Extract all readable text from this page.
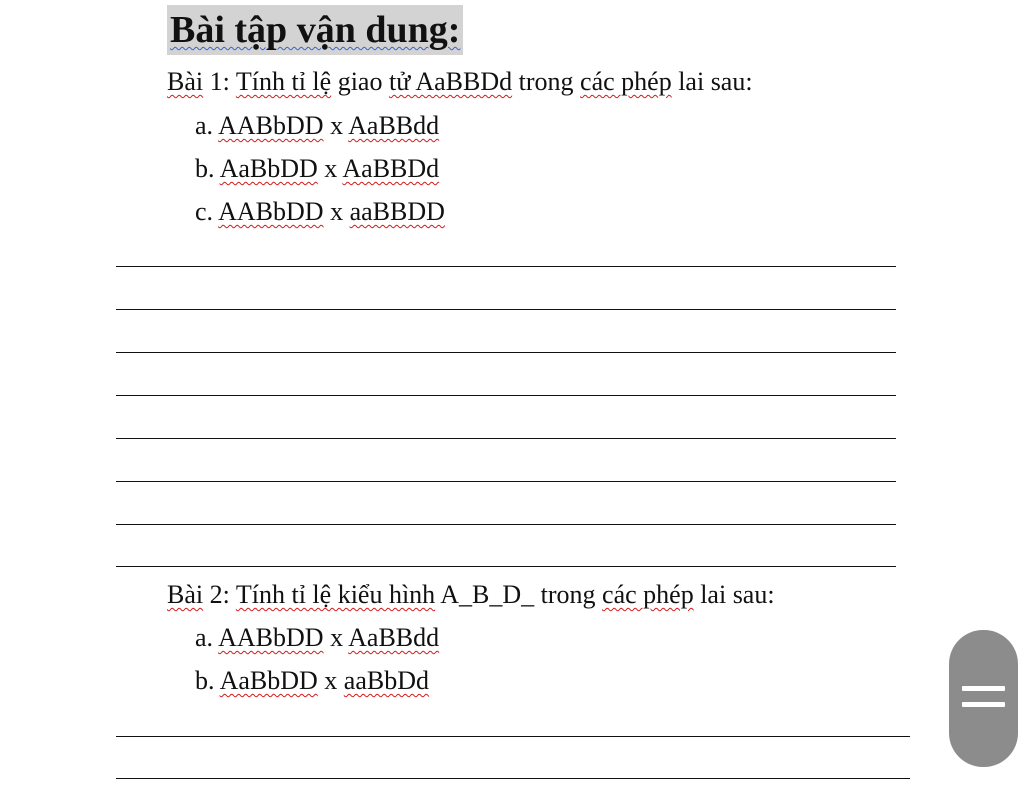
Bài tập vận dung:
Bài 1: Tính tỉ lệ giao tử AaBBDd trong các phép lai sau:
a. AABbDD x AaBBdd
b. AaBbDD x AaBBDd
c. AABbDD x aaBBDD
Bài 2: Tính tỉ lệ kiểu hình A_B_D_ trong các phép lai sau:
a. AABbDD x AaBBdd
b. AaBbDD x aaBbDd
